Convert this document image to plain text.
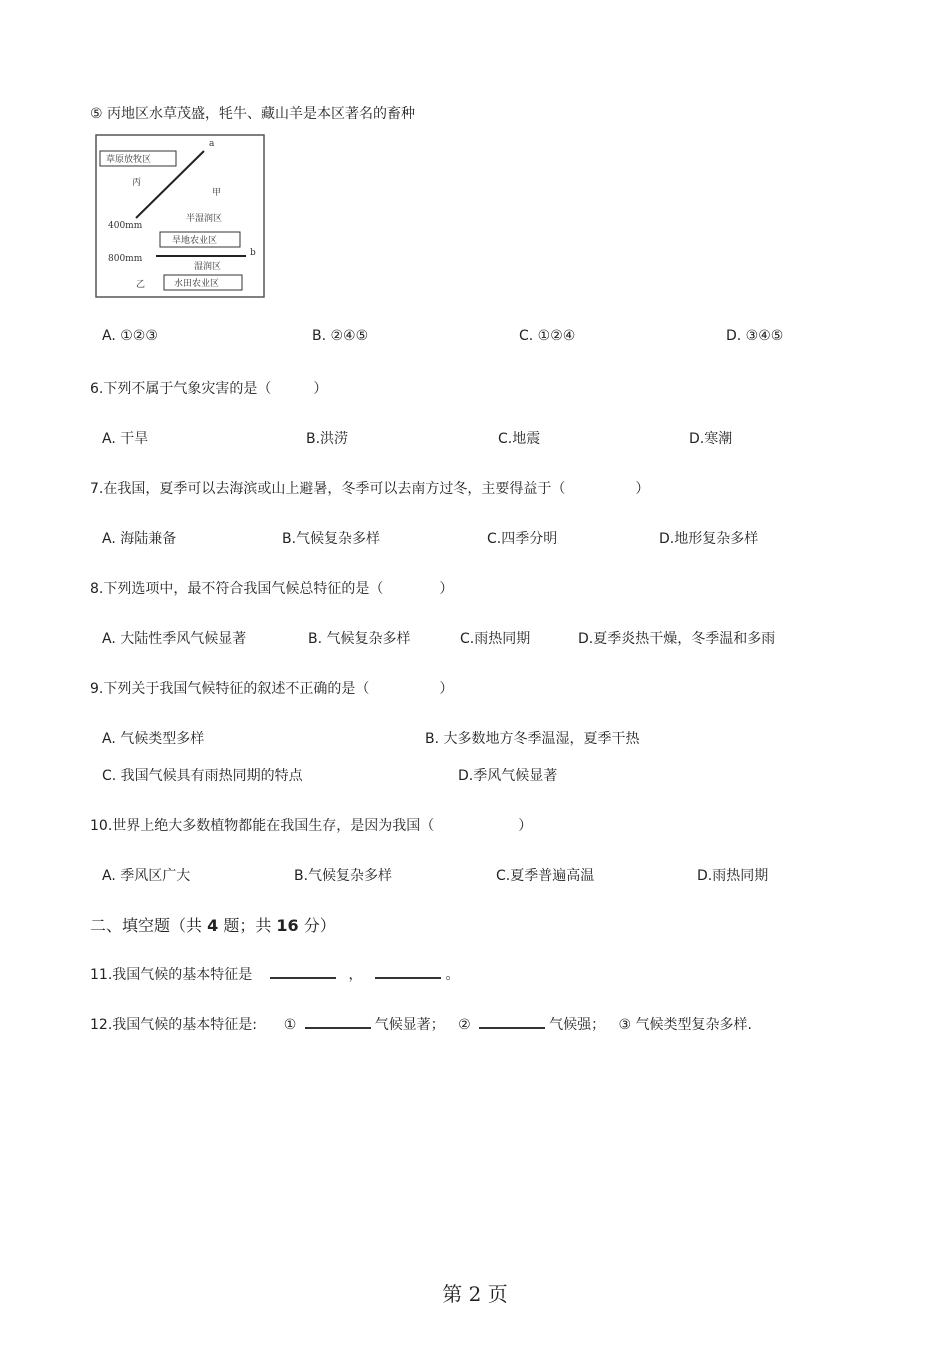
⑤ 丙地区水草茂盛，牦牛、藏山羊是本区著名的畜种
草原放牧区
丙
a
甲
半湿润区
400mm
旱地农业区
800mm
b
湿润区
乙	水田农业区
A. ①②③	B. ②④⑤	C. ①②④	D. ③④⑤
6.下列不属于气象灾害的是（　　　）
A. 干旱	B.洪涝	C.地震	D.寒潮
7.在我国，夏季可以去海滨或山上避暑，冬季可以去南方过冬，主要得益于（　　　　　）
A. 海陆兼备	B.气候复杂多样	C.四季分明	D.地形复杂多样
8.下列选项中，最不符合我国气候总特征的是（　　　　）
A. 大陆性季风气候显著	B. 气候复杂多样	C.雨热同期	D.夏季炎热干燥，冬季温和多雨
9.下列关于我国气候特征的叙述不正确的是（　　　　　）
A. 气候类型多样	B. 大多数地方冬季温湿，夏季干热
C. 我国气候具有雨热同期的特点	D.季风气候显著
10.世界上绝大多数植物都能在我国生存，是因为我国（　　　　　　）
A. 季风区广大	B.气候复杂多样	C.夏季普遍高温	D.雨热同期
二、填空题（共 4 题；共 16 分）
11.我国气候的基本特征是	，	。
12.我国气候的基本特征是: ①	气候显著； ②	气候强； ③ 气候类型复杂多样.
第 2 页
